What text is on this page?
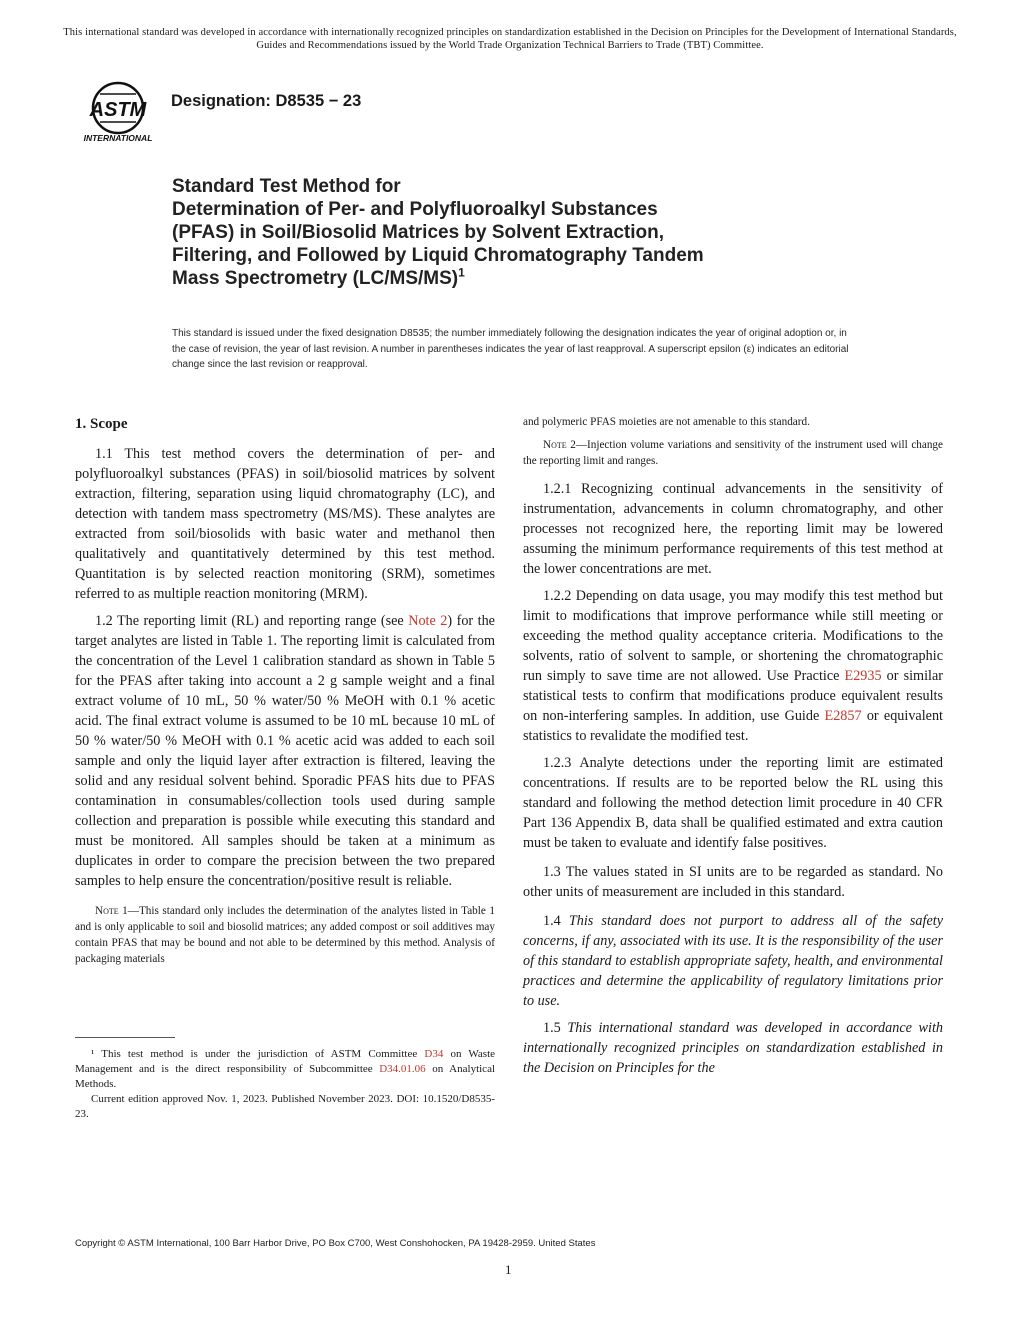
This international standard was developed in accordance with internationally recognized principles on standardization established in the Decision on Principles for the Development of International Standards, Guides and Recommendations issued by the World Trade Organization Technical Barriers to Trade (TBT) Committee.
ASTM
INTERNATIONAL
Designation: D8535 − 23
Standard Test Method for
Determination of Per- and Polyfluoroalkyl Substances
(PFAS) in Soil/Biosolid Matrices by Solvent Extraction,
Filtering, and Followed by Liquid Chromatography Tandem
Mass Spectrometry $(LC/MS/MS)^1$
This standard is issued under the fixed designation D8535; the number immediately following the designation indicates the year of original adoption or, in the case of revision, the year of last revision. A number in parentheses indicates the year of last reapproval. A superscript epsilon (ε) indicates an editorial change since the last revision or reapproval.
1. Scope

1.1 This test method covers the determination of per- and polyfluoroalkyl substances (PFAS) in soil/biosolid matrices by solvent extraction, filtering, separation using liquid chromatography (LC), and detection with tandem mass spectrometry (MS/MS). These analytes are extracted from soil/biosolids with basic water and methanol then qualitatively and quantitatively determined by this test method. Quantitation is by selected reaction monitoring (SRM), sometimes referred to as multiple reaction monitoring (MRM).

1.2 The reporting limit (RL) and reporting range (see Note 2) for the target analytes are listed in Table 1. The reporting limit is calculated from the concentration of the Level 1 calibration standard as shown in Table 5 for the PFAS after taking into account a 2 g sample weight and a final extract volume of 10 mL, 50 % water/50 % MeOH with 0.1 % acetic acid. The final extract volume is assumed to be 10 mL because 10 mL of 50 % water/50 % MeOH with 0.1 % acetic acid was added to each soil sample and only the liquid layer after extraction is filtered, leaving the solid and any residual solvent behind. Sporadic PFAS hits due to PFAS contamination in consumables/collection tools used during sample collection and preparation is possible while executing this standard and must be monitored. All samples should be taken at a minimum as duplicates in order to compare the precision between the two prepared samples to help ensure the concentration/positive result is reliable.

Note 1—This standard only includes the determination of the analytes listed in Table 1 and is only applicable to soil and biosolid matrices; any added compost or soil additives may contain PFAS that may be bound and not able to be determined by this method. Analysis of packaging materials

¹ This test method is under the jurisdiction of ASTM Committee D34 on Waste Management and is the direct responsibility of Subcommittee D34.01.06 on Analytical Methods.

Current edition approved Nov. 1, 2023. Published November 2023. DOI: 10.1520/D8535-23.

and polymeric PFAS moieties are not amenable to this standard.

Note 2—Injection volume variations and sensitivity of the instrument used will change the reporting limit and ranges.

1.2.1 Recognizing continual advancements in the sensitivity of instrumentation, advancements in column chromatography, and other processes not recognized here, the reporting limit may be lowered assuming the minimum performance requirements of this test method at the lower concentrations are met.

1.2.2 Depending on data usage, you may modify this test method but limit to modifications that improve performance while still meeting or exceeding the method quality acceptance criteria. Modifications to the solvents, ratio of solvent to sample, or shortening the chromatographic run simply to save time are not allowed. Use Practice E2935 or similar statistical tests to confirm that modifications produce equivalent results on non-interfering samples. In addition, use Guide E2857 or equivalent statistics to revalidate the modified test.

1.2.3 Analyte detections under the reporting limit are estimated concentrations. If results are to be reported below the RL using this standard and following the method detection limit procedure in 40 CFR Part 136 Appendix B, data shall be qualified estimated and extra caution must be taken to evaluate and identify false positives.

1.3 The values stated in SI units are to be regarded as standard. No other units of measurement are included in this standard.

1.4 This standard does not purport to address all of the safety concerns, if any, associated with its use. It is the responsibility of the user of this standard to establish appropriate safety, health, and environmental practices and determine the applicability of regulatory limitations prior to use.

1.5 This international standard was developed in accordance with internationally recognized principles on standardization established in the Decision on Principles for the

Copyright © ASTM International, 100 Barr Harbor Drive, PO Box C700, West Conshohocken, PA 19428-2959. United States
1
